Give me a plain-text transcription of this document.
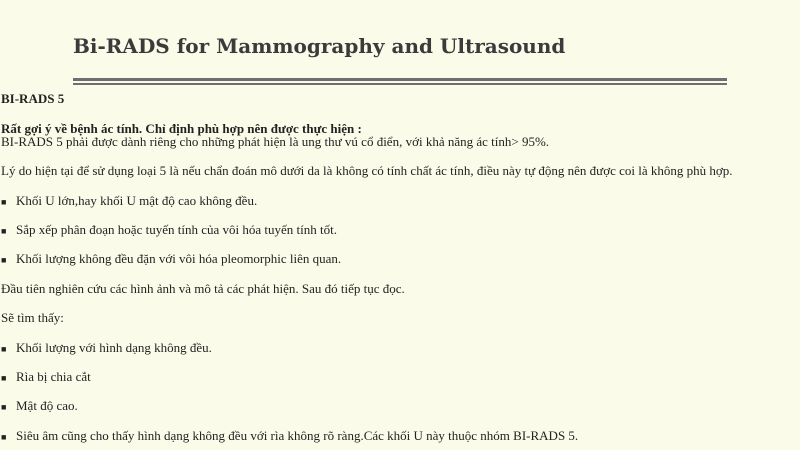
Bi-RADS for Mammography and Ultrasound
BI-RADS 5
Rất gợi ý về bệnh ác tính. Chỉ định phù hợp nên được thực hiện :
BI-RADS 5 phải được dành riêng cho những phát hiện là ung thư vú cổ điển, với khả năng ác tính> 95%.
Lý do hiện tại để sử dụng loại 5 là nếu chẩn đoán mô dưới da là không có tính chất ác tính, điều này tự động nên được coi là không phù hợp.
■ Khối U lớn,hay khối U mật độ cao không đều.
■ Sắp xếp phân đoạn hoặc tuyến tính của vôi hóa tuyến tính tốt.
■ Khối lượng không đều đặn với vôi hóa pleomorphic liên quan.
Đầu tiên nghiên cứu các hình ảnh và mô tả các phát hiện. Sau đó tiếp tục đọc.
Sẽ tìm thấy:
■ Khối lượng với hình dạng không đều.
■ Rìa bị chia cắt
■ Mật độ cao.
■ Siêu âm cũng cho thấy hình dạng không đều với rìa không rõ ràng.Các khối U này thuộc nhóm BI-RADS 5.
